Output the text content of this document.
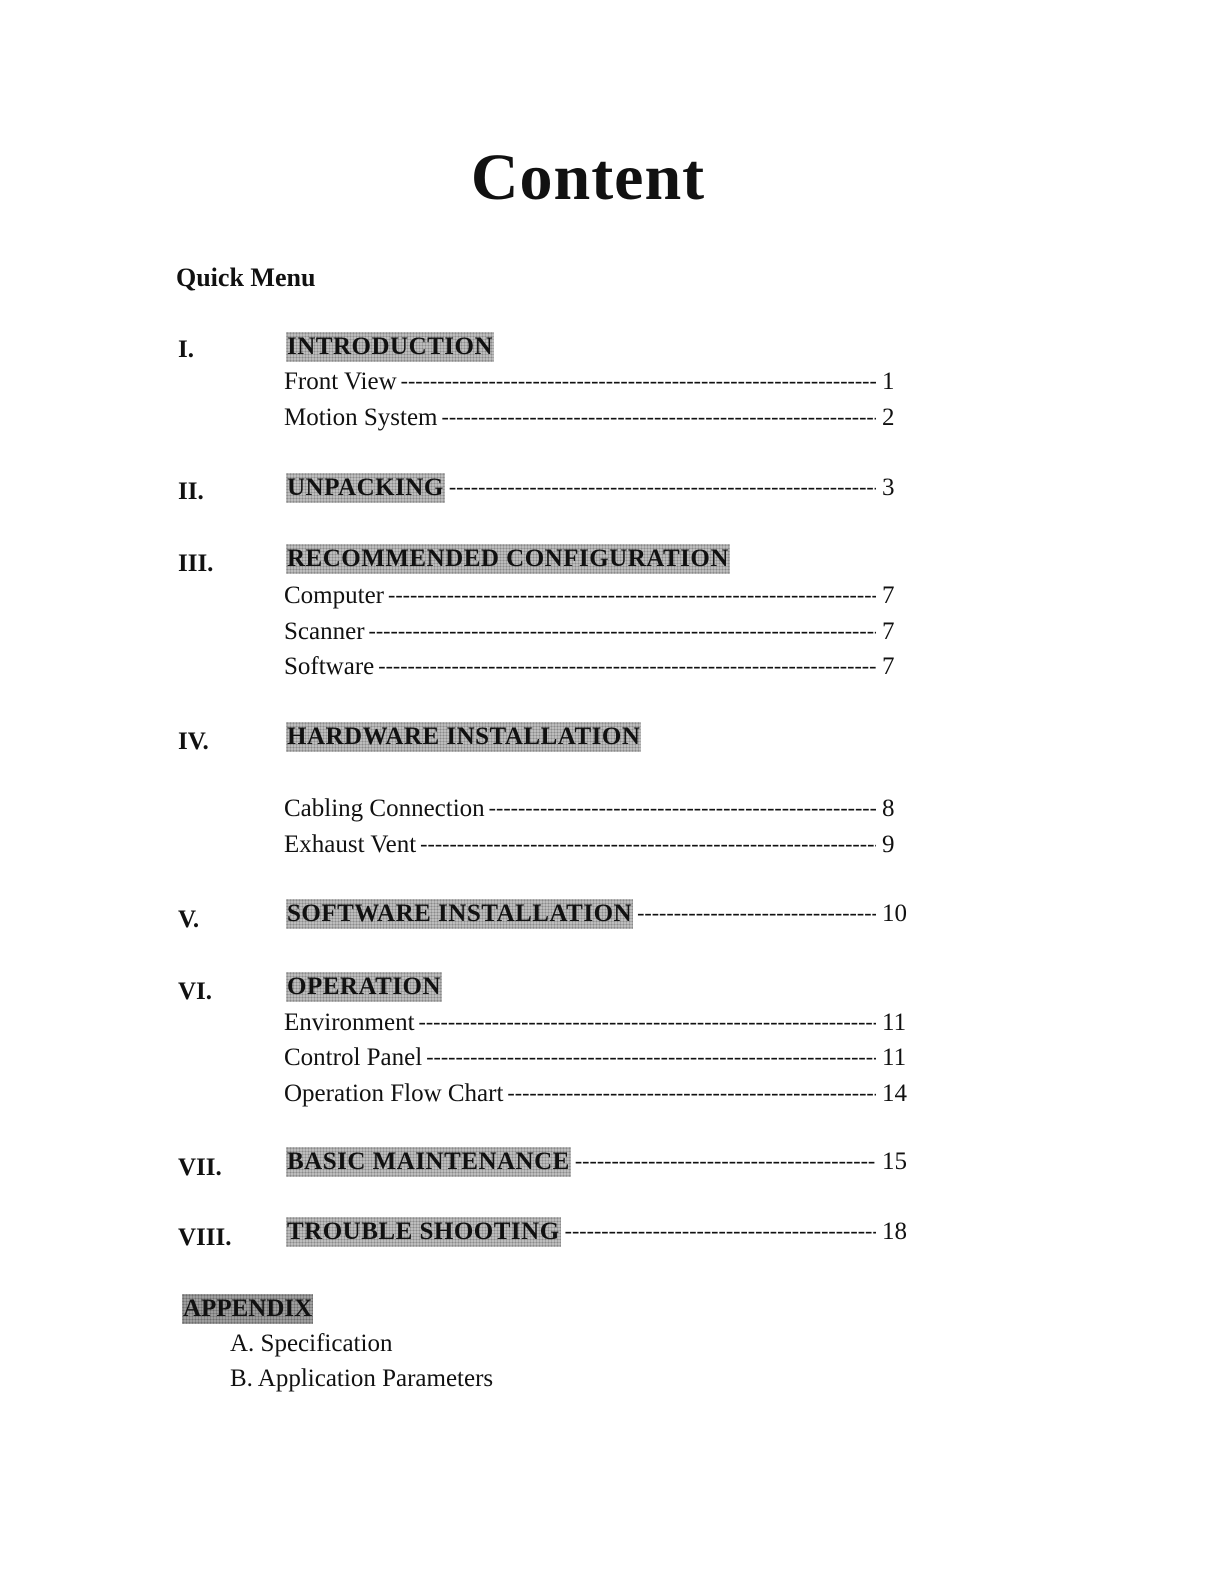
Content
Quick Menu
I.	INTRODUCTION
Front View -----	1
Motion System -----	2
II.	UNPACKING -----	3
III.	RECOMMENDED CONFIGURATION
Computer -----	7
Scanner -----	7
Software -----	7
IV.	HARDWARE INSTALLATION
Cabling Connection -----	8
Exhaust Vent -----	9
V.	SOFTWARE INSTALLATION -----	10
VI.	OPERATION
Environment -----	11
Control Panel -----	11
Operation Flow Chart -----	14
VII.	BASIC MAINTENANCE -----	15
VIII. TROUBLE SHOOTING -----	18
APPENDIX
A. Specification
B. Application Parameters
